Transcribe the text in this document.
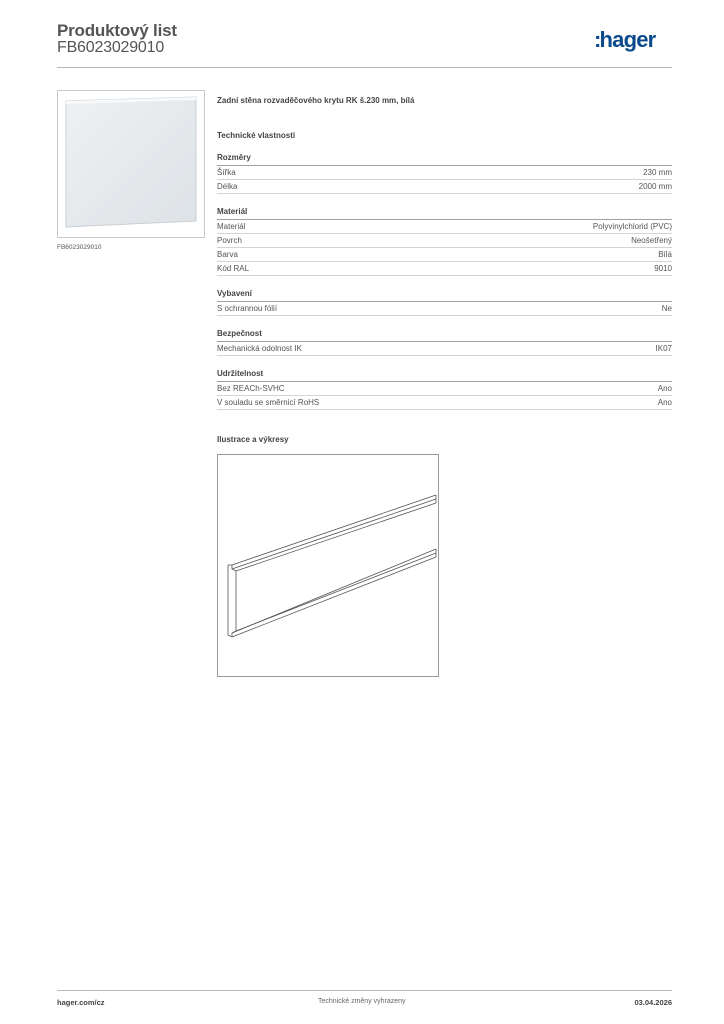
Produktový list
FB6023029010	:hager
FB6023029010
Zadní stěna rozvaděčového krytu RK š.230 mm, bílá
Technické vlastnosti
Rozměry
Šířka	230 mm
Délka	2000 mm
Materiál
Materiál	Polyvinylchlorid (PVC)
Povrch	Neošetřený
Barva	Bílá
Kód RAL	9010
Vybavení
S ochrannou fólií	Ne
Bezpečnost
Mechanická odolnost IK	IK07
Udržitelnost
Bez REACh-SVHC	Ano
V souladu se směrnicí RoHS	Ano
Ilustrace a výkresy
hager.com/cz	Technické změny vyhrazeny	03.04.2026
